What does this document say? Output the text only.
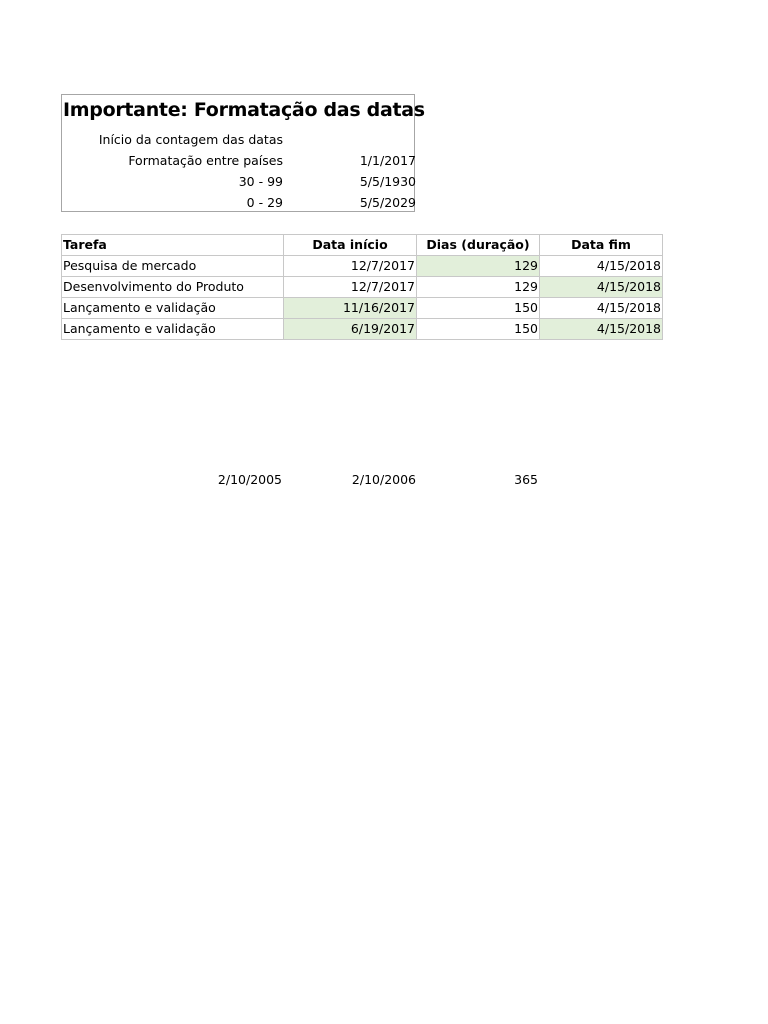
Importante: Formatação das datas
Início da contagem das datas
Formatação entre países	1/1/2017
30 - 99	5/5/1930
0 - 29	5/5/2029
Tarefa	Data início	Dias (duração)	Data fim
Pesquisa de mercado	12/7/2017	129	4/15/2018
Desenvolvimento do Produto	12/7/2017	129	4/15/2018
Lançamento e validação	11/16/2017	150	4/15/2018
Lançamento e validação	6/19/2017	150	4/15/2018
2/10/2005	2/10/2006	365
